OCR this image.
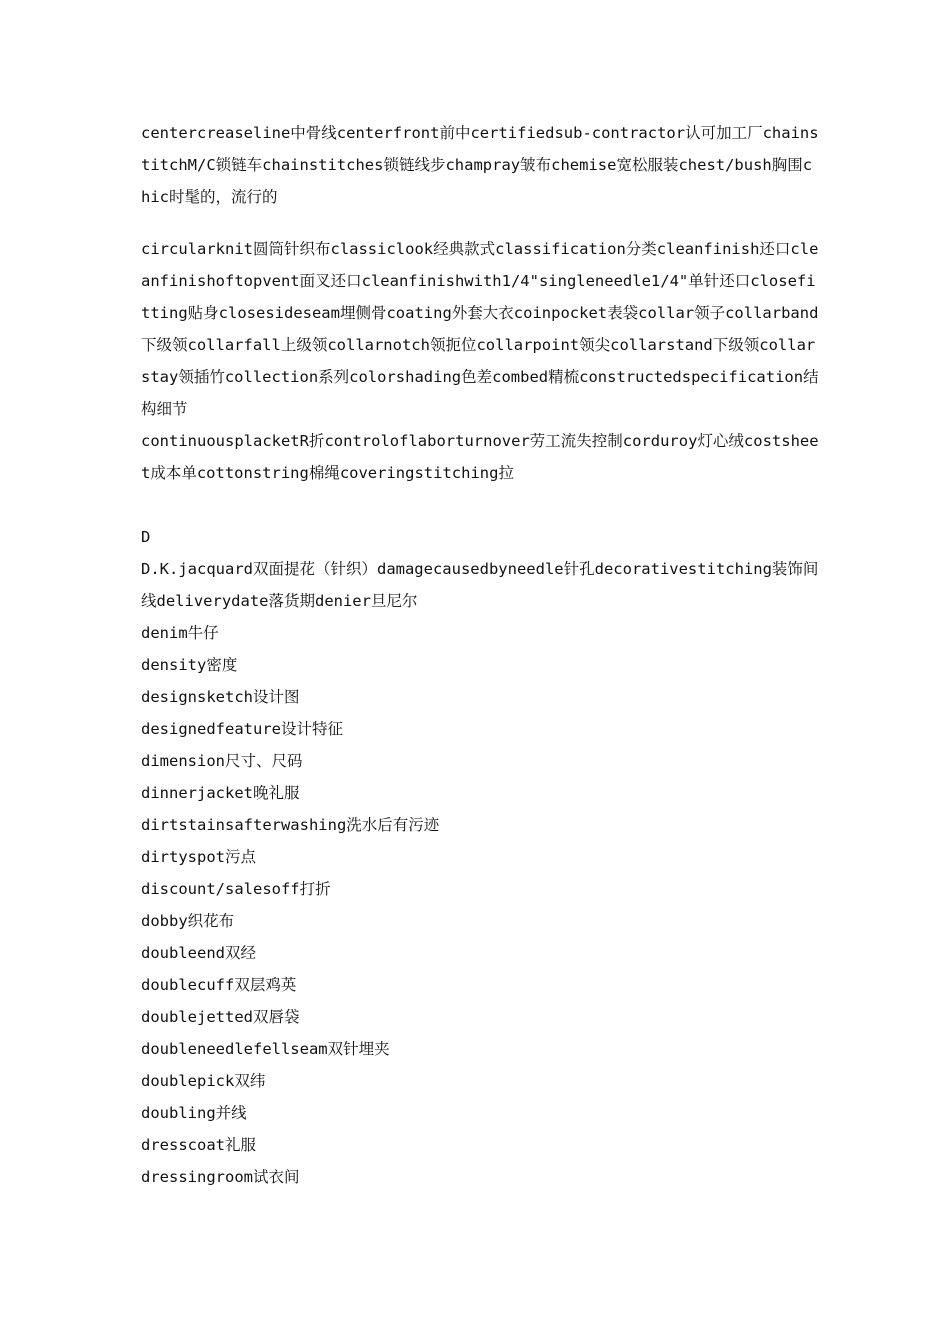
centercreaseline中骨线centerfront前中certifiedsub-contractor认可加工厂chainstitchM/C锁链车chainstitches锁链线步champray皱布chemise宽松服装chest/bush胸围chic时髦的，流行的

circularknit圆筒针织布classiclook经典款式classification分类cleanfinish还口cleanfinishoftopvent面叉还口cleanfinishwith1/4"singleneedle1/4"单针还口closefitting贴身closesideseam埋侧骨coating外套大衣coinpocket表袋collar领子collarband下级领collarfall上级领collarnotch领扼位collarpoint领尖collarstand下级领collarstay领插竹collection系列colorshading色差combed精梳constructedspecification结构细节

continuousplacketR折controloflaborturnover劳工流失控制corduroy灯心绒costsheet成本单cottonstring棉绳coveringstitching拉

D

D.K.jacquard双面提花（针织）damagecausedbyneedle针孔decorativestitching装饰间线deliverydate落货期denier旦尼尔

denim牛仔

density密度

designsketch设计图

designedfeature设计特征

dimension尺寸、尺码

dinnerjacket晚礼服

dirtstainsafterwashing洗水后有污迹

dirtyspot污点

discount/salesoff打折

dobby织花布

doubleend双经

doublecuff双层鸡英

doublejetted双唇袋

doubleneedlefellseam双针埋夹

doublepick双纬

doubling并线

dresscoat礼服

dressingroom试衣间
